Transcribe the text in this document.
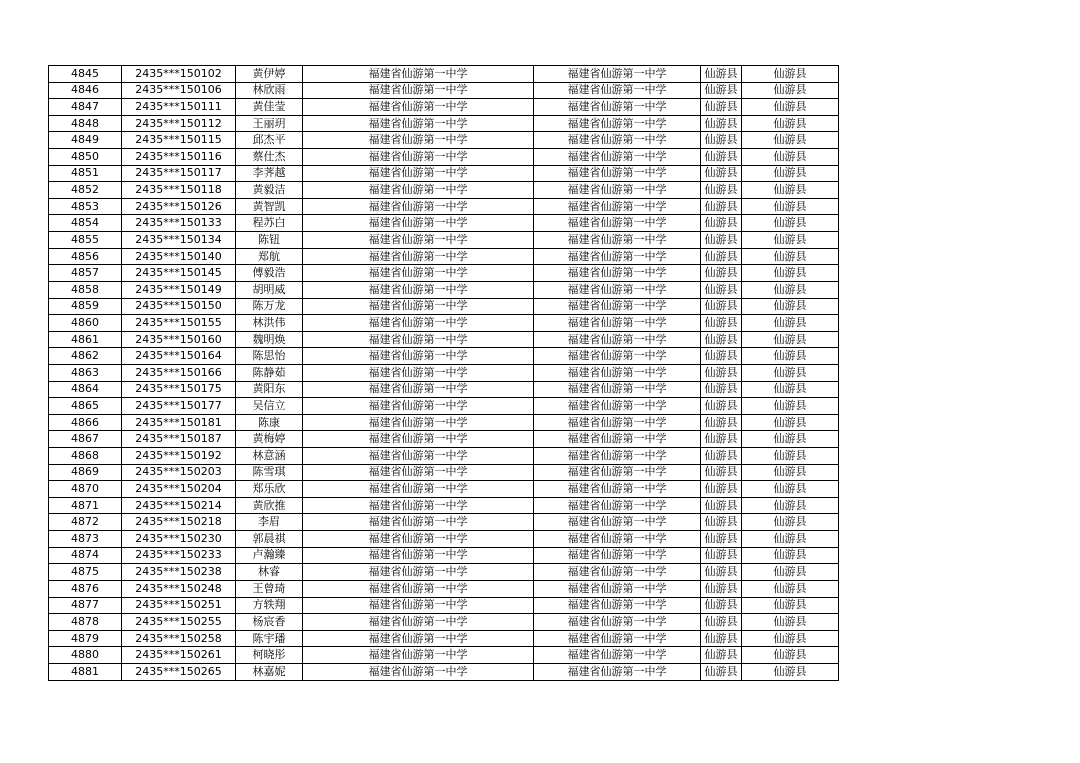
4845	2435***150102	黄伊婷	福建省仙游第一中学	福建省仙游第一中学	仙游县	仙游县
4846	2435***150106	林欣雨	福建省仙游第一中学	福建省仙游第一中学	仙游县	仙游县
4847	2435***150111	黄佳莹	福建省仙游第一中学	福建省仙游第一中学	仙游县	仙游县
4848	2435***150112	王丽玥	福建省仙游第一中学	福建省仙游第一中学	仙游县	仙游县
4849	2435***150115	邱杰平	福建省仙游第一中学	福建省仙游第一中学	仙游县	仙游县
4850	2435***150116	蔡仕杰	福建省仙游第一中学	福建省仙游第一中学	仙游县	仙游县
4851	2435***150117	李荠越	福建省仙游第一中学	福建省仙游第一中学	仙游县	仙游县
4852	2435***150118	黄毅洁	福建省仙游第一中学	福建省仙游第一中学	仙游县	仙游县
4853	2435***150126	黄智凯	福建省仙游第一中学	福建省仙游第一中学	仙游县	仙游县
4854	2435***150133	程苏白	福建省仙游第一中学	福建省仙游第一中学	仙游县	仙游县
4855	2435***150134	陈钮	福建省仙游第一中学	福建省仙游第一中学	仙游县	仙游县
4856	2435***150140	郑航	福建省仙游第一中学	福建省仙游第一中学	仙游县	仙游县
4857	2435***150145	傅毅浩	福建省仙游第一中学	福建省仙游第一中学	仙游县	仙游县
4858	2435***150149	胡明威	福建省仙游第一中学	福建省仙游第一中学	仙游县	仙游县
4859	2435***150150	陈万龙	福建省仙游第一中学	福建省仙游第一中学	仙游县	仙游县
4860	2435***150155	林洪伟	福建省仙游第一中学	福建省仙游第一中学	仙游县	仙游县
4861	2435***150160	魏明焕	福建省仙游第一中学	福建省仙游第一中学	仙游县	仙游县
4862	2435***150164	陈思怡	福建省仙游第一中学	福建省仙游第一中学	仙游县	仙游县
4863	2435***150166	陈静茹	福建省仙游第一中学	福建省仙游第一中学	仙游县	仙游县
4864	2435***150175	黄阳东	福建省仙游第一中学	福建省仙游第一中学	仙游县	仙游县
4865	2435***150177	吴信立	福建省仙游第一中学	福建省仙游第一中学	仙游县	仙游县
4866	2435***150181	陈康	福建省仙游第一中学	福建省仙游第一中学	仙游县	仙游县
4867	2435***150187	黄梅婷	福建省仙游第一中学	福建省仙游第一中学	仙游县	仙游县
4868	2435***150192	林意涵	福建省仙游第一中学	福建省仙游第一中学	仙游县	仙游县
4869	2435***150203	陈雪琪	福建省仙游第一中学	福建省仙游第一中学	仙游县	仙游县
4870	2435***150204	郑乐欣	福建省仙游第一中学	福建省仙游第一中学	仙游县	仙游县
4871	2435***150214	黄欣推	福建省仙游第一中学	福建省仙游第一中学	仙游县	仙游县
4872	2435***150218	李眉	福建省仙游第一中学	福建省仙游第一中学	仙游县	仙游县
4873	2435***150230	郭晨祺	福建省仙游第一中学	福建省仙游第一中学	仙游县	仙游县
4874	2435***150233	卢瀚臻	福建省仙游第一中学	福建省仙游第一中学	仙游县	仙游县
4875	2435***150238	林睿	福建省仙游第一中学	福建省仙游第一中学	仙游县	仙游县
4876	2435***150248	王曾琦	福建省仙游第一中学	福建省仙游第一中学	仙游县	仙游县
4877	2435***150251	方轶翔	福建省仙游第一中学	福建省仙游第一中学	仙游县	仙游县
4878	2435***150255	杨宸香	福建省仙游第一中学	福建省仙游第一中学	仙游县	仙游县
4879	2435***150258	陈宇璠	福建省仙游第一中学	福建省仙游第一中学	仙游县	仙游县
4880	2435***150261	柯晓彤	福建省仙游第一中学	福建省仙游第一中学	仙游县	仙游县
4881	2435***150265	林嘉妮	福建省仙游第一中学	福建省仙游第一中学	仙游县	仙游县
